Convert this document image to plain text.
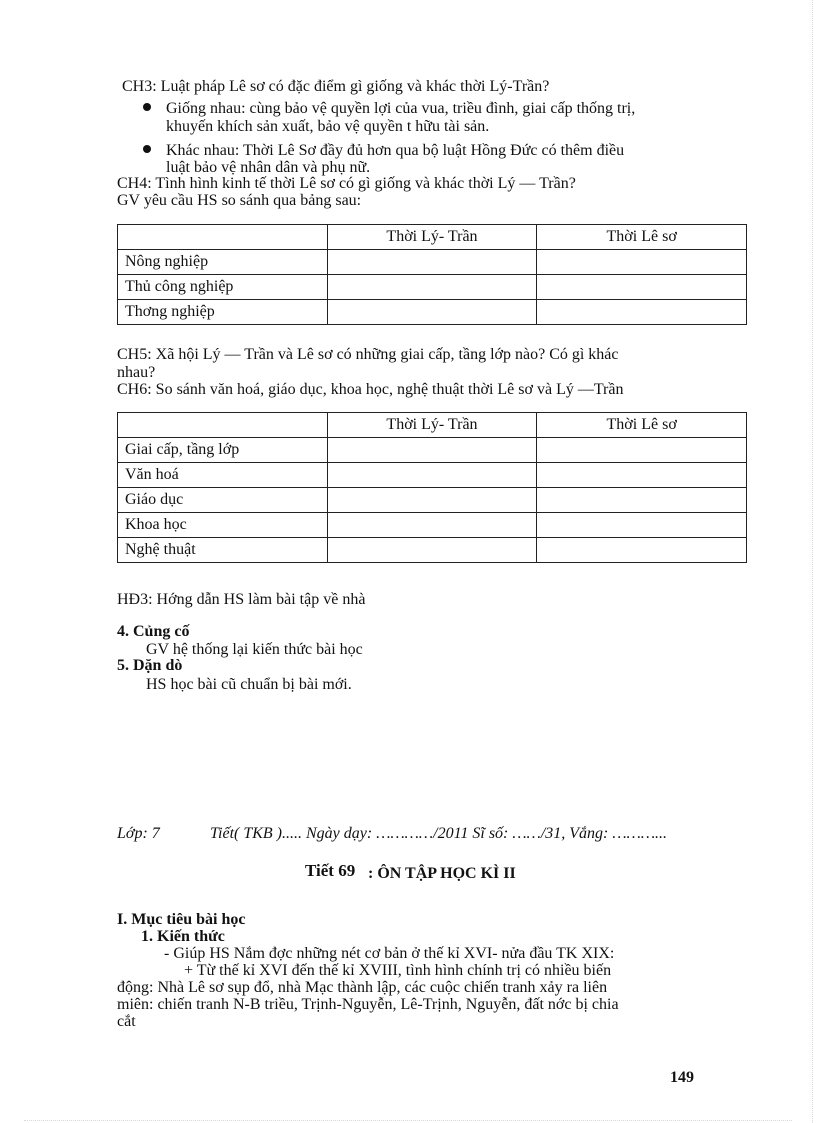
CH3: Luật pháp Lê sơ có đặc điểm gì giống và khác thời Lý-Trần?
Giống nhau: cùng bảo vệ quyền lợi của vua, triều đình, giai cấp thống trị,
khuyến khích sản xuất, bảo vệ quyền t hữu tài sản.
Khác nhau: Thời Lê Sơ đầy đủ hơn qua bộ luật Hồng Đức có thêm điều
luật bảo vệ nhân dân và phụ nữ.
CH4: Tình hình kinh tế thời Lê sơ có gì giống và khác thời Lý — Trần?
GV yêu cầu HS so sánh qua bảng sau:
	Thời Lý- Trần	Thời Lê sơ
Nông nghiệp		
Thủ công nghiệp		
Thơng nghiệp		
CH5: Xã hội Lý — Trần và Lê sơ có những giai cấp, tầng lớp nào? Có gì khác
nhau?
CH6: So sánh văn hoá, giáo dục, khoa học, nghệ thuật thời Lê sơ và Lý —Trần
	Thời Lý- Trần	Thời Lê sơ
Giai cấp, tầng lớp		
Văn hoá		
Giáo dục		
Khoa học		
Nghệ thuật		
HĐ3: Hớng dẫn HS làm bài tập về nhà
4. Củng cố
GV hệ thống lại kiến thức bài học
5. Dặn dò
HS học bài cũ chuẩn bị bài mới.
Lớp: 7	Tiết( TKB )..... Ngày dạy: …………/2011 Sĩ số: ……/31, Vắng: ………...
Tiết 69 : ÔN TẬP HỌC KÌ II
I. Mục tiêu bài học
1. Kiến thức
- Giúp HS Nắm đợc những nét cơ bản ở thế kỉ XVI- nửa đầu TK XIX:
+ Từ thế kỉ XVI đến thế kỉ XVIII, tình hình chính trị có nhiều biến
động: Nhà Lê sơ sụp đổ, nhà Mạc thành lập, các cuộc chiến tranh xảy ra liên
miên: chiến tranh N-B triều, Trịnh-Nguyễn, Lê-Trịnh, Nguyễn, đất nớc bị chia
cắt
149
